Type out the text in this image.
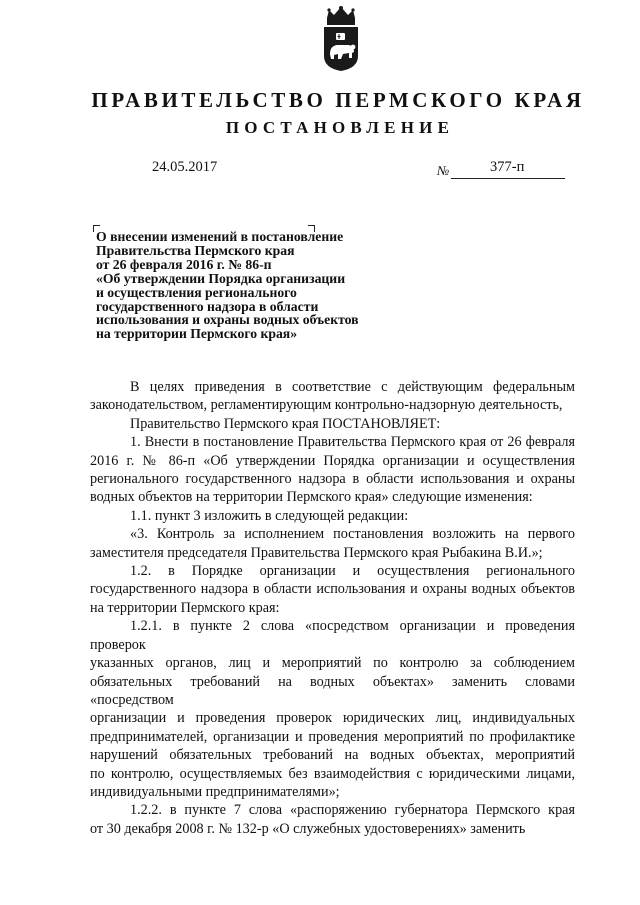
ПРАВИТЕЛЬСТВО ПЕРМСКОГО КРАЯ
ПОСТАНОВЛЕНИЕ
24.05.2017	№	377-п

О внесении изменений в постановление
Правительства Пермского края
от 26 февраля 2016 г. № 86-п
«Об утверждении Порядка организации
и осуществления регионального
государственного надзора в области
использования и охраны водных объектов
на территории Пермского края»

В целях приведения в соответствие с действующим федеральным
законодательством, регламентирующим контрольно-надзорную деятельность,
Правительство Пермского края ПОСТАНОВЛЯЕТ:
1. Внести в постановление Правительства Пермского края от 26 февраля
2016 г. № 86-п «Об утверждении Порядка организации и осуществления
регионального государственного надзора в области использования и охраны
водных объектов на территории Пермского края» следующие изменения:
1.1. пункт 3 изложить в следующей редакции:
«3. Контроль за исполнением постановления возложить на первого
заместителя председателя Правительства Пермского края Рыбакина В.И.»;
1.2. в Порядке организации и осуществления регионального
государственного надзора в области использования и охраны водных объектов
на территории Пермского края:
1.2.1. в пункте 2 слова «посредством организации и проведения проверок
указанных органов, лиц и мероприятий по контролю за соблюдением
обязательных требований на водных объектах» заменить словами «посредством
организации и проведения проверок юридических лиц, индивидуальных
предпринимателей, организации и проведения мероприятий по профилактике
нарушений обязательных требований на водных объектах, мероприятий
по контролю, осуществляемых без взаимодействия с юридическими лицами,
индивидуальными предпринимателями»;
1.2.2. в пункте 7 слова «распоряжению губернатора Пермского края
от 30 декабря 2008 г. № 132-р «О служебных удостоверениях» заменить
